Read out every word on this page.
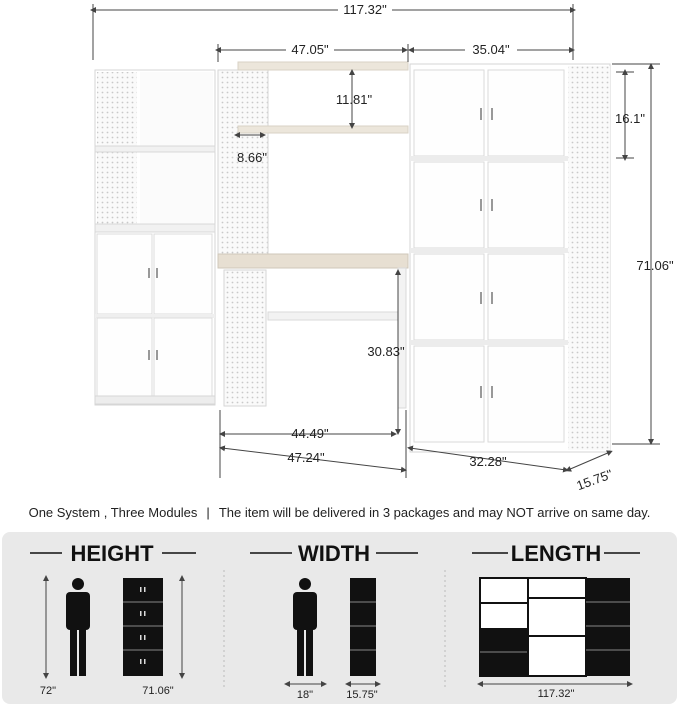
117.32"
47.05"	35.04"
11.81"
8.66"
16.1"
71.06"
30.83"
44.49"
47.24"	32.28"
15.75"
HEIGHT
72"	71.06"
WIDTH
18"	15.75"
LENGTH
117.32"
One System , Three Modules | The item will be delivered in 3 packages and may NOT arrive on same day.
